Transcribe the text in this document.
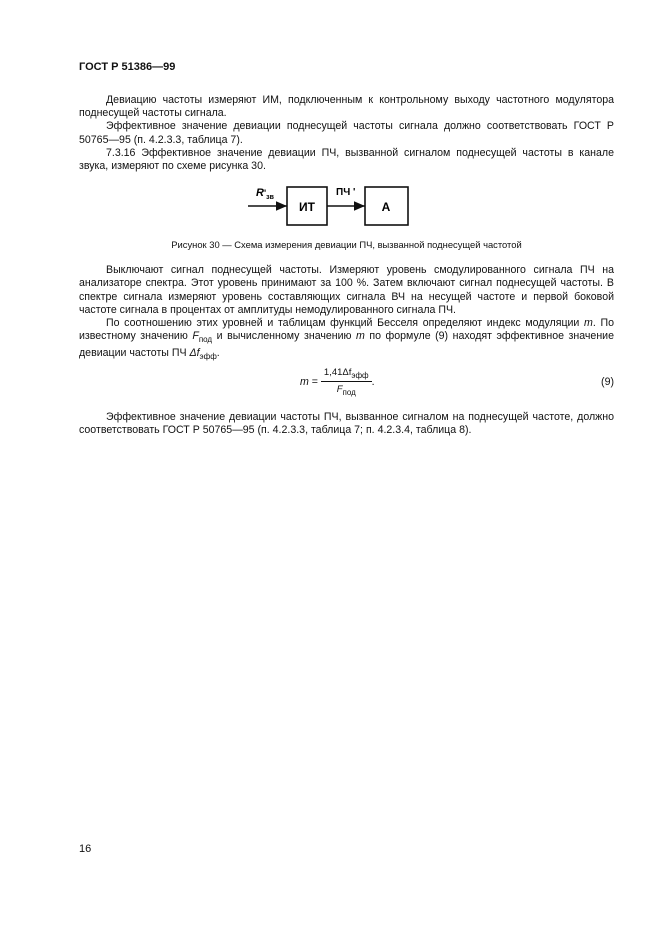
ГОСТ Р 51386—99

Девиацию частоты измеряют ИМ, подключенным к контрольному выходу частотного модулятора поднесущей частоты сигнала.

Эффективное значение девиации поднесущей частоты сигнала должно соответствовать ГОСТ Р 50765—95 (п. 4.2.3.3, таблица 7).

7.3.16 Эффективное значение девиации ПЧ, вызванной сигналом поднесущей частоты в канале звука, измеряют по схеме рисунка 30.

$R'_{зв}$	ПЧ '
ИТ	А
Рисунок 30 — Схема измерения девиации ПЧ, вызванной поднесущей частотой

Выключают сигнал поднесущей частоты. Измеряют уровень смодулированного сигнала ПЧ на анализаторе спектра. Этот уровень принимают за 100 %. Затем включают сигнал поднесущей частоты. В спектре сигнала измеряют уровень составляющих сигнала ВЧ на несущей частоте и первой боковой частоте сигнала в процентах от амплитуды немодулированного сигнала ПЧ.

По соотношению этих уровней и таблицам функций Бесселя определяют индекс модуляции m. По известному значению $F_{под}$ и вычисленному значению m по формуле (9) находят эффективное значение девиации частоты ПЧ $\Delta f_{эфф}$.

m =
$1,41\Delta f_{эфф}$
$F_{под}$
.	(9)

Эффективное значение девиации частоты ПЧ, вызванное сигналом на поднесущей частоте, должно соответствовать ГОСТ Р 50765—95 (п. 4.2.3.3, таблица 7; п. 4.2.3.4, таблица 8).

16
